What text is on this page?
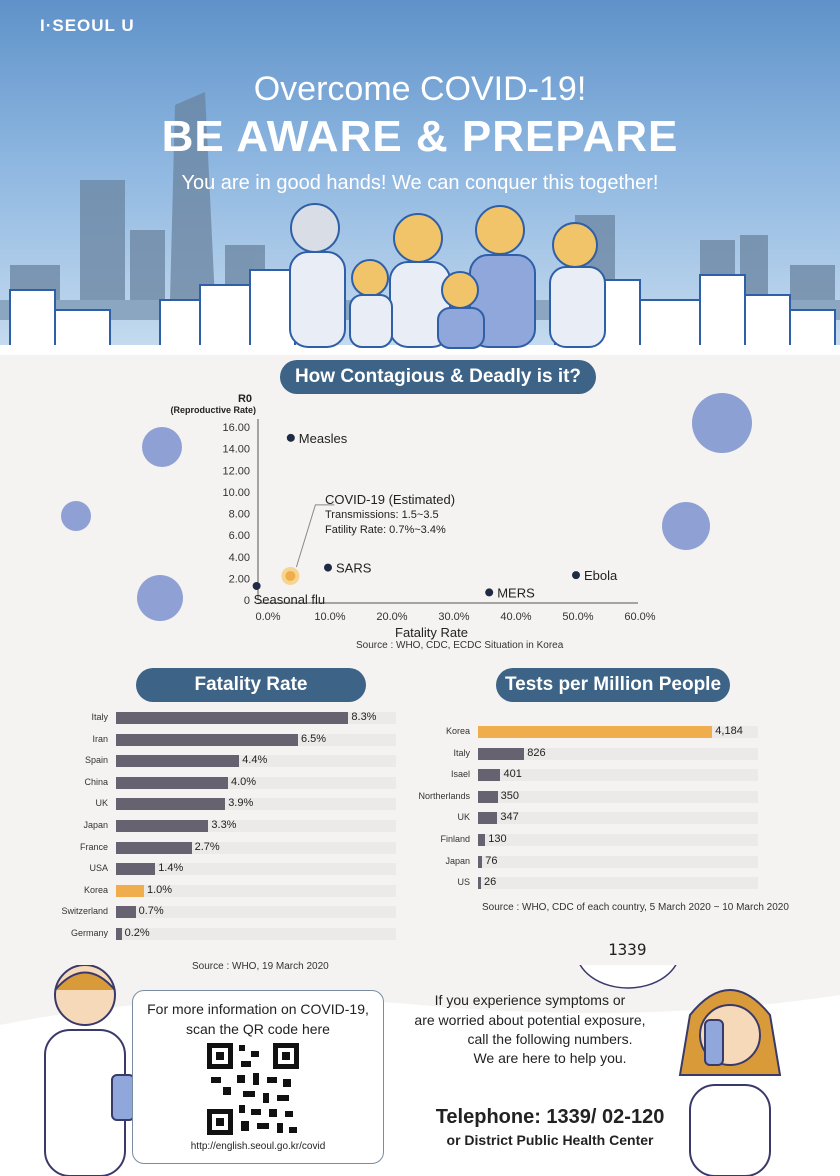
I·SEOUL U
Overcome COVID-19!
BE AWARE & PREPARE
You are in good hands! We can conquer this together!
How Contagious & Deadly is it?
R0
(Reproductive Rate)
0
2.00
4.00
6.00
8.00
10.00
12.00
14.00
16.00
0.0%	10.0%	20.0%	30.0%	40.0%	50.0%	60.0%
Measles
SARS
Seasonal flu	MERS
Ebola
Fatality Rate
Source : WHO, CDC, ECDC Situation in Korea
COVID-19 (Estimated)
Transmissions: 1.5~3.5
Fatility Rate: 0.7%~3.4%
Fatality Rate	Tests per Million People
Italy	8.3%
Iran	6.5%
Spain	4.4%
China	4.0%
UK	3.9%
Japan	3.3%
France	2.7%
USA	1.4%
Korea	1.0%
Switzerland	0.7%
Germany 0.2%
Source : WHO, 19 March 2020
Korea	4,184
Italy	826
Isael	401
Northerlands	350
UK	347
Finland 130
Japan 76
US 26
Source : WHO, CDC of each country, 5 March 2020 ~ 10 March 2020
1339
For more information on COVID-19,
scan the QR code here
http://english.seoul.go.kr/covid
If you experience symptoms or
are worried about potential exposure,
call the following numbers.
We are here to help you.
Telephone: 1339/ 02-120
or District Public Health Center
